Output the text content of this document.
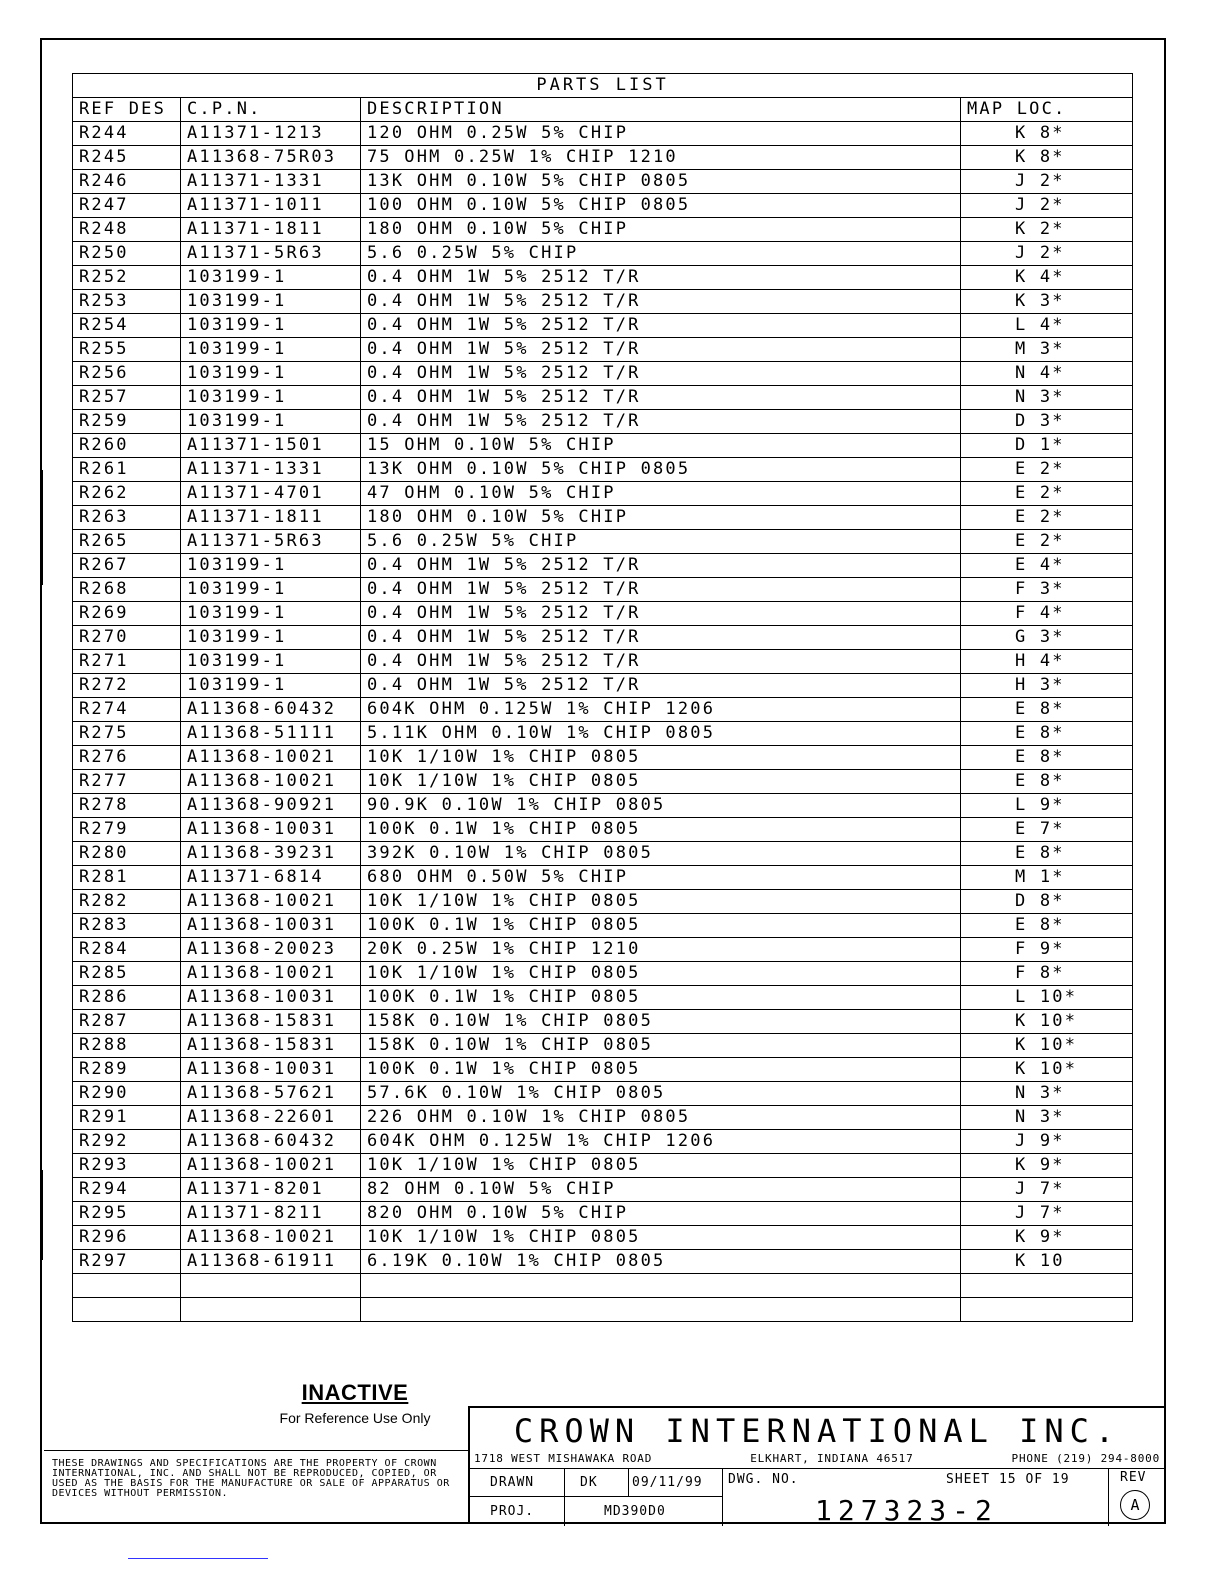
PARTS LIST			
REF DES	C.P.N.	DESCRIPTION	MAP LOC.
R244	A11371-1213	120 OHM 0.25W 5% CHIP	K 8*
R245	A11368-75R03	75 OHM 0.25W 1% CHIP 1210	K 8*
R246	A11371-1331	13K OHM 0.10W 5% CHIP 0805	J 2*
R247	A11371-1011	100 OHM 0.10W 5% CHIP 0805	J 2*
R248	A11371-1811	180 OHM 0.10W 5% CHIP	K 2*
R250	A11371-5R63	5.6 0.25W 5% CHIP	J 2*
R252	103199-1	0.4 OHM 1W 5% 2512 T/R	K 4*
R253	103199-1	0.4 OHM 1W 5% 2512 T/R	K 3*
R254	103199-1	0.4 OHM 1W 5% 2512 T/R	L 4*
R255	103199-1	0.4 OHM 1W 5% 2512 T/R	M 3*
R256	103199-1	0.4 OHM 1W 5% 2512 T/R	N 4*
R257	103199-1	0.4 OHM 1W 5% 2512 T/R	N 3*
R259	103199-1	0.4 OHM 1W 5% 2512 T/R	D 3*
R260	A11371-1501	15 OHM 0.10W 5% CHIP	D 1*
R261	A11371-1331	13K OHM 0.10W 5% CHIP 0805	E 2*
R262	A11371-4701	47 OHM 0.10W 5% CHIP	E 2*
R263	A11371-1811	180 OHM 0.10W 5% CHIP	E 2*
R265	A11371-5R63	5.6 0.25W 5% CHIP	E 2*
R267	103199-1	0.4 OHM 1W 5% 2512 T/R	E 4*
R268	103199-1	0.4 OHM 1W 5% 2512 T/R	F 3*
R269	103199-1	0.4 OHM 1W 5% 2512 T/R	F 4*
R270	103199-1	0.4 OHM 1W 5% 2512 T/R	G 3*
R271	103199-1	0.4 OHM 1W 5% 2512 T/R	H 4*
R272	103199-1	0.4 OHM 1W 5% 2512 T/R	H 3*
R274	A11368-60432	604K OHM 0.125W 1% CHIP 1206	E 8*
R275	A11368-51111	5.11K OHM 0.10W 1% CHIP 0805	E 8*
R276	A11368-10021	10K 1/10W 1% CHIP 0805	E 8*
R277	A11368-10021	10K 1/10W 1% CHIP 0805	E 8*
R278	A11368-90921	90.9K 0.10W 1% CHIP 0805	L 9*
R279	A11368-10031	100K 0.1W 1% CHIP 0805	E 7*
R280	A11368-39231	392K 0.10W 1% CHIP 0805	E 8*
R281	A11371-6814	680 OHM 0.50W 5% CHIP	M 1*
R282	A11368-10021	10K 1/10W 1% CHIP 0805	D 8*
R283	A11368-10031	100K 0.1W 1% CHIP 0805	E 8*
R284	A11368-20023	20K 0.25W 1% CHIP 1210	F 9*
R285	A11368-10021	10K 1/10W 1% CHIP 0805	F 8*
R286	A11368-10031	100K 0.1W 1% CHIP 0805	L 10*
R287	A11368-15831	158K 0.10W 1% CHIP 0805	K 10*
R288	A11368-15831	158K 0.10W 1% CHIP 0805	K 10*
R289	A11368-10031	100K 0.1W 1% CHIP 0805	K 10*
R290	A11368-57621	57.6K 0.10W 1% CHIP 0805	N 3*
R291	A11368-22601	226 OHM 0.10W 1% CHIP 0805	N 3*
R292	A11368-60432	604K OHM 0.125W 1% CHIP 1206	J 9*
R293	A11368-10021	10K 1/10W 1% CHIP 0805	K 9*
R294	A11371-8201	82 OHM 0.10W 5% CHIP	J 7*
R295	A11371-8211	820 OHM 0.10W 5% CHIP	J 7*
R296	A11368-10021	10K 1/10W 1% CHIP 0805	K 9*
R297	A11368-61911	6.19K 0.10W 1% CHIP 0805	K 10

INACTIVE
For Reference Use Only
THESE DRAWINGS AND SPECIFICATIONS ARE THE PROPERTY OF CROWN INTERNATIONAL, INC. AND SHALL NOT BE REPRODUCED, COPIED, OR USED AS THE BASIS FOR THE MANUFACTURE OR SALE OF APPARATUS OR DEVICES WITHOUT PERMISSION.
CROWN INTERNATIONAL INC.
1718 WEST MISHAWAKA ROAD	ELKHART, INDIANA 46517	PHONE (219) 294-8000
DRAWN	DK	09/11/99 DWG. NO.	SHEET 15 OF 19	REV
A
PROJ.	MD390D0	127323-2
